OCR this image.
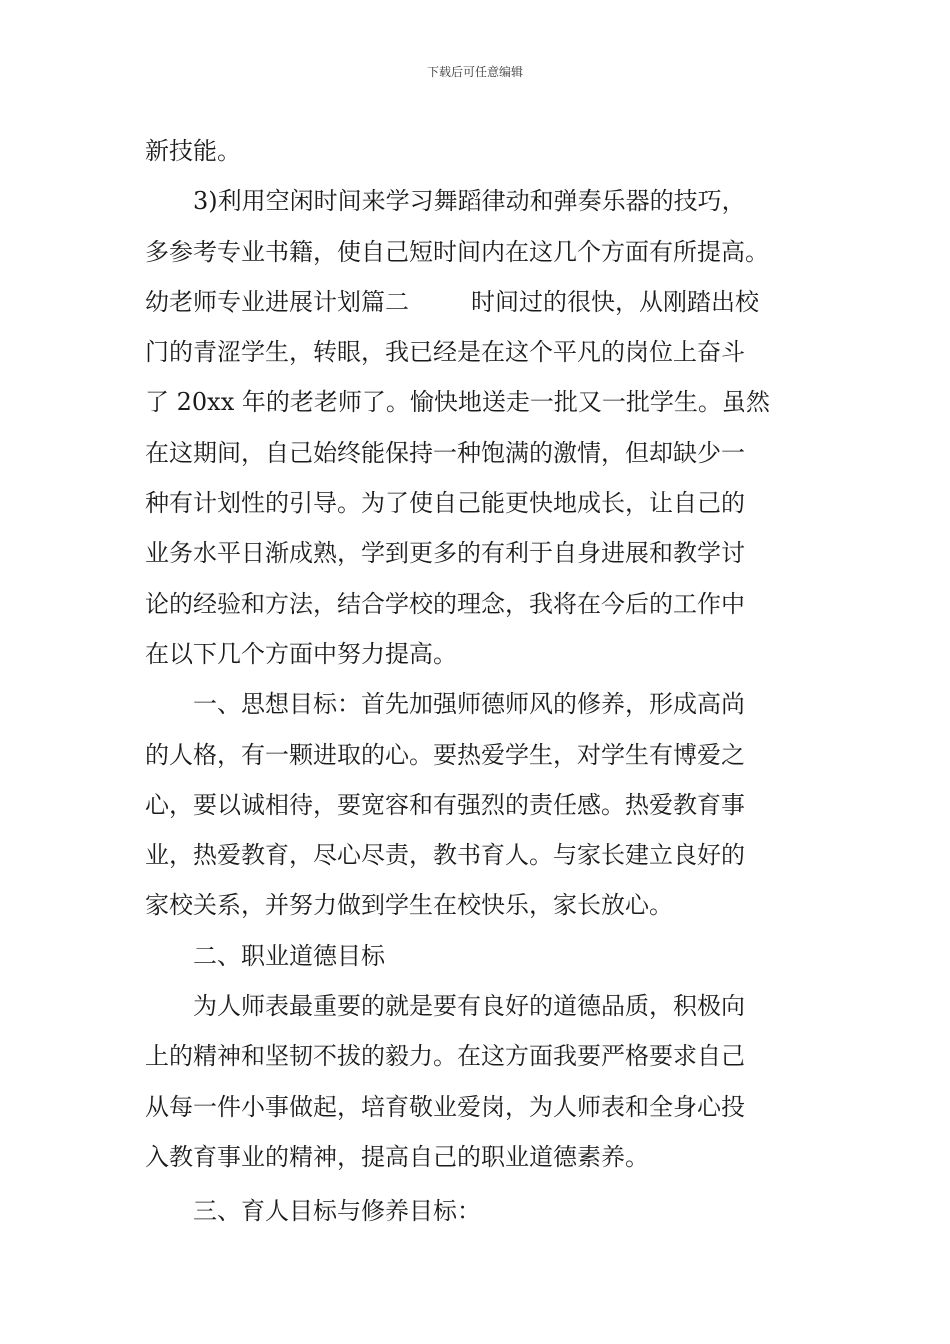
下载后可任意编辑
新技能。
3)利用空闲时间来学习舞蹈律动和弹奏乐器的技巧，
多参考专业书籍，使自己短时间内在这几个方面有所提高。
幼老师专业进展计划篇二	时间过的很快，从刚踏出校
门的青涩学生，转眼，我已经是在这个平凡的岗位上奋斗
了 20xx 年的老老师了。愉快地送走一批又一批学生。虽然
在这期间，自己始终能保持一种饱满的激情，但却缺少一
种有计划性的引导。为了使自己能更快地成长，让自己的
业务水平日渐成熟，学到更多的有利于自身进展和教学讨
论的经验和方法，结合学校的理念，我将在今后的工作中
在以下几个方面中努力提高。
一、思想目标：首先加强师德师风的修养，形成高尚
的人格，有一颗进取的心。要热爱学生，对学生有博爱之
心，要以诚相待，要宽容和有强烈的责任感。热爱教育事
业，热爱教育，尽心尽责，教书育人。与家长建立良好的
家校关系，并努力做到学生在校快乐，家长放心。
二、职业道德目标
为人师表最重要的就是要有良好的道德品质，积极向
上的精神和坚韧不拔的毅力。在这方面我要严格要求自己
从每一件小事做起，培育敬业爱岗，为人师表和全身心投
入教育事业的精神，提高自己的职业道德素养。
三、育人目标与修养目标：
